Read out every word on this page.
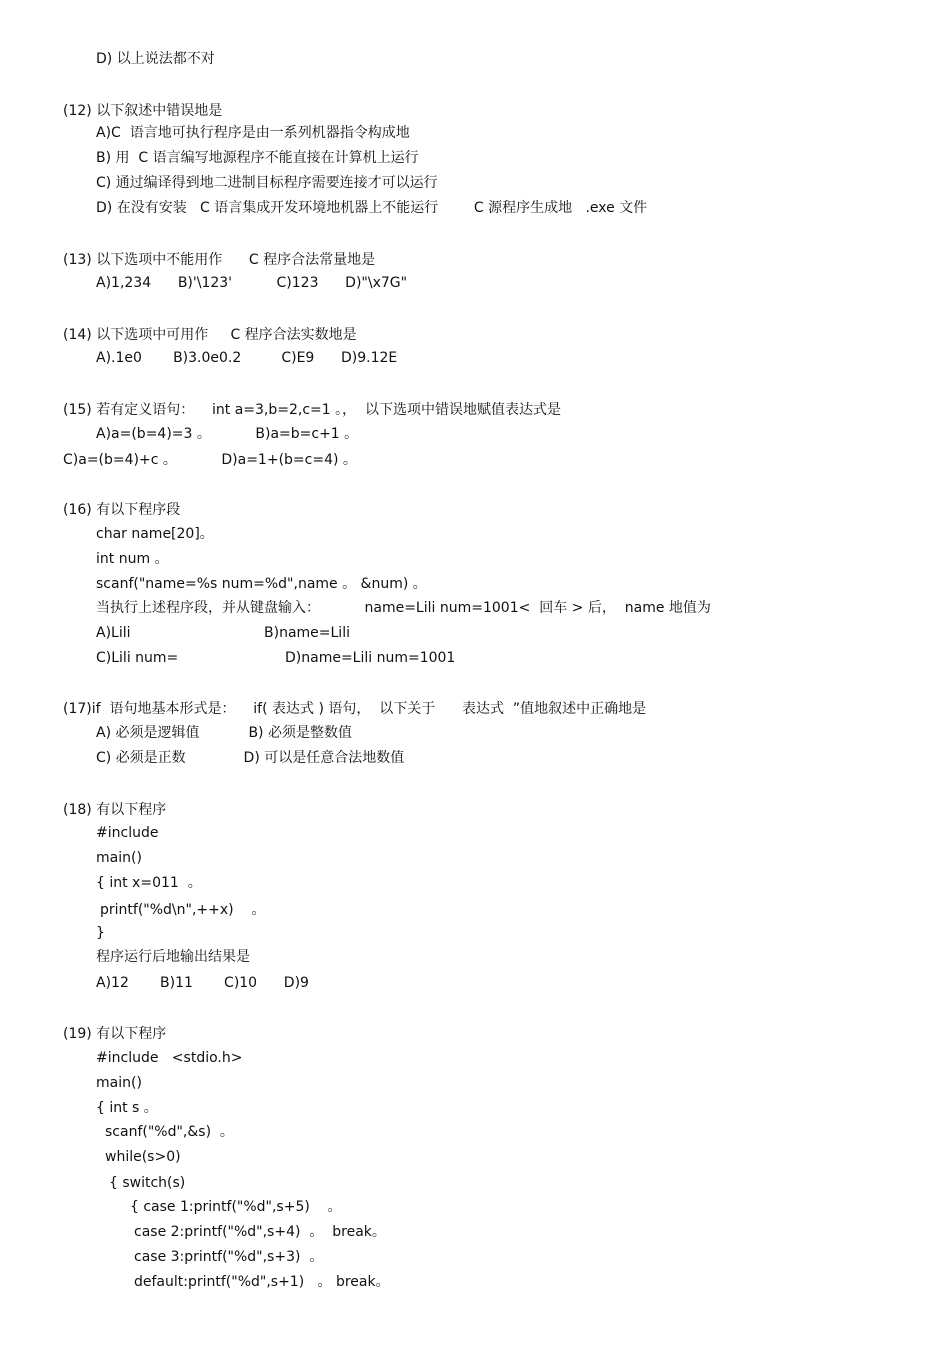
D) 以上说法都不对
(12) 以下叙述中错误地是
A)C  语言地可执行程序是由一系列机器指令构成地
B) 用  C 语言编写地源程序不能直接在计算机上运行
C) 通过编译得到地二进制目标程序需要连接才可以运行
D) 在没有安装   C 语言集成开发环境地机器上不能运行        C 源程序生成地   .exe 文件
(13) 以下选项中不能用作      C 程序合法常量地是
A)1,234      B)'\123'          C)123      D)"\x7G"
(14) 以下选项中可用作     C 程序合法实数地是
A).1e0       B)3.0e0.2         C)E9      D)9.12E
(15) 若有定义语句：    int a=3,b=2,c=1 。，  以下选项中错误地赋值表达式是
A)a=(b=4)=3 。          B)a=b=c+1 。
C)a=(b=4)+c 。          D)a=1+(b=c=4) 。
(16) 有以下程序段
char name[20]。
int num 。
scanf("name=%s num=%d",name 。 &num) 。
当执行上述程序段，并从键盘输入：          name=Lili num=1001<  回车 > 后，  name 地值为
A)Lili	B)name=Lili
C)Lili num=	D)name=Lili num=1001
(17)if  语句地基本形式是：    if( 表达式 ) 语句，  以下关于      表达式  ”值地叙述中正确地是
A) 必须是逻辑值           B) 必须是整数值
C) 必须是正数             D) 可以是任意合法地数值
(18) 有以下程序
#include
main()
{ int x=011  。
printf("%d\n",++x)    。
}
程序运行后地输出结果是
A)12       B)11       C)10      D)9
(19) 有以下程序
#include   <stdio.h>
main()
{ int s 。
scanf("%d",&s)  。
while(s>0)
{ switch(s)
{ case 1:printf("%d",s+5)    。
case 2:printf("%d",s+4)  。  break。
case 3:printf("%d",s+3)  。
default:printf("%d",s+1)   。 break。
